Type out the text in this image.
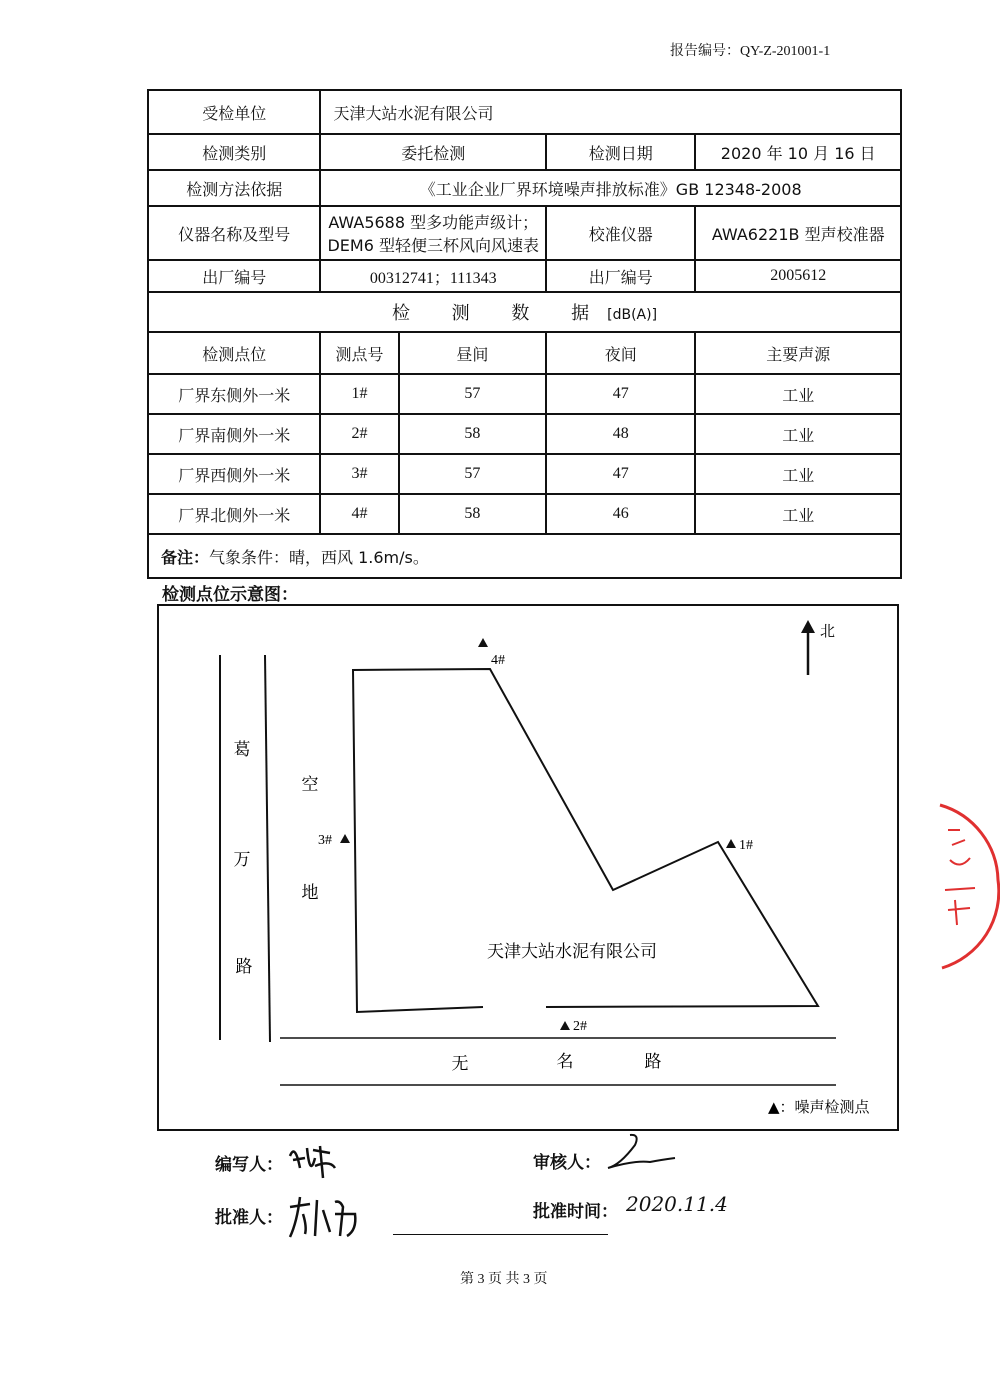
报告编号：QY-Z-201001-1
受检单位	天津大站水泥有限公司			
检测类别	委托检测		检测日期	2020 年 10 月 16 日
检测方法依据	《工业企业厂界环境噪声排放标准》GB 12348-2008			
仪器名称及型号	AWA5688 型多功能声级计；
DEM6 型轻便三杯风向风速表		校准仪器	AWA6221B 型声校准器
出厂编号	00312741；111343		出厂编号	2005612
检 测 数 据[dB(A)]				
检测点位	测点号	昼间	夜间	主要声源
厂界东侧外一米	1#	57	47	工业
厂界南侧外一米	2#	58	48	工业
厂界西侧外一米	3#	57	47	工业
厂界北侧外一米	4#	58	46	工业
备注：气象条件：晴，西风 1.6m/s。				
检测点位示意图：
葛
万
路
空
地
无	名	路
天津大站水泥有限公司
北
4#
3#	1#
2#
▲：噪声检测点
编写人：	审核人：
批准人：	批准时间： 2020.11.4
第 3 页 共 3 页
